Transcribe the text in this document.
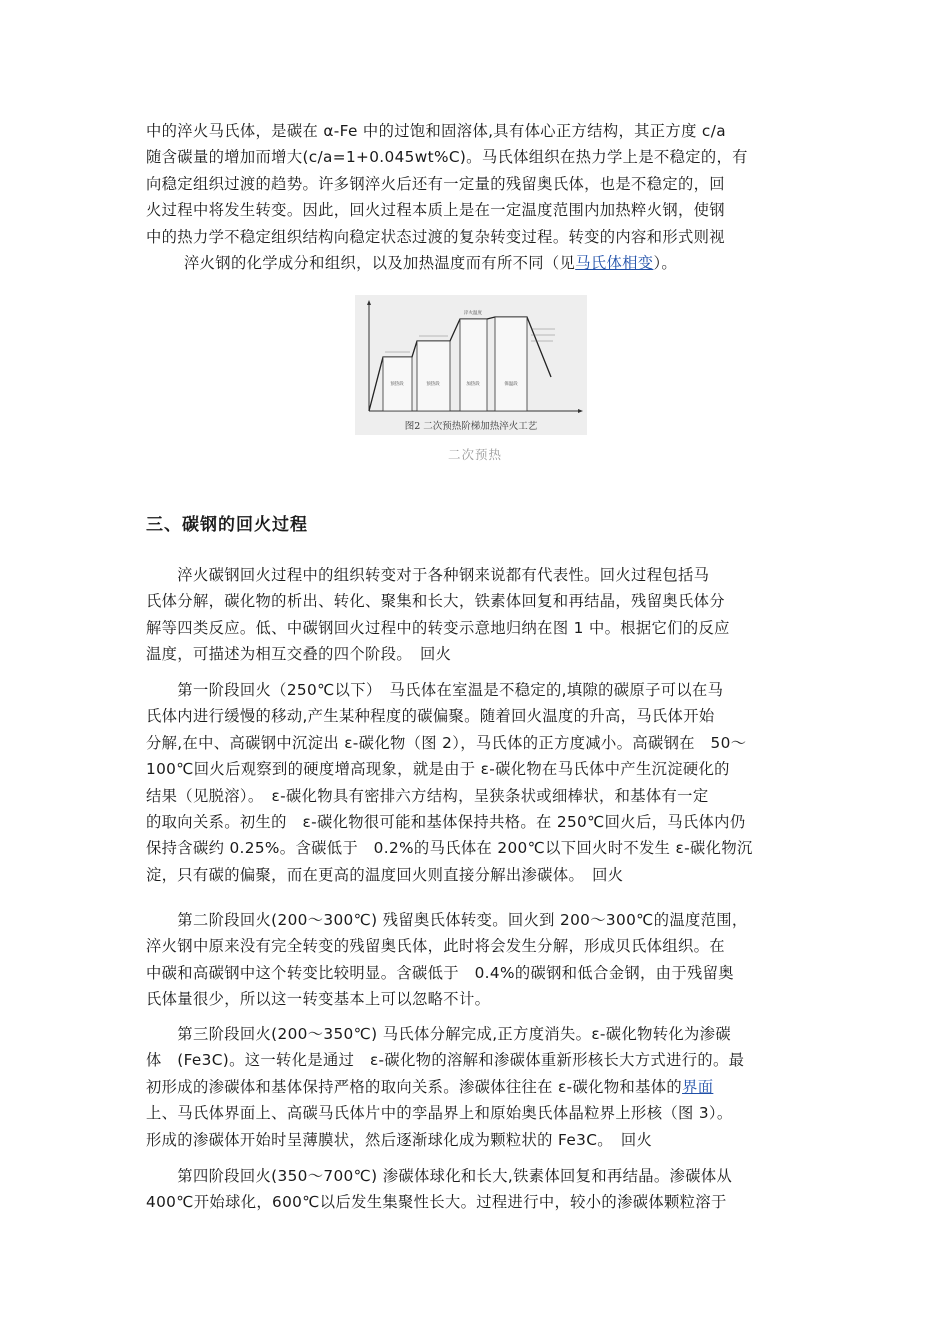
中的淬火马氏体，是碳在 α-Fe 中的过饱和固溶体,具有体心正方结构，其正方度 c/a
随含碳量的增加而增大(c/a=1+0.045wt%C)。马氏体组织在热力学上是不稳定的，有
向稳定组织过渡的趋势。许多钢淬火后还有一定量的残留奥氏体，也是不稳定的，回
火过程中将发生转变。因此，回火过程本质上是在一定温度范围内加热粹火钢，使钢
中的热力学不稳定组织结构向稳定状态过渡的复杂转变过程。转变的内容和形式则视
淬火钢的化学成分和组织，以及加热温度而有所不同（见马氏体相变）。
预热段	预热段	加热段	保温段
淬火温度
图2 二次预热阶梯加热淬火工艺
二次预热
三、碳钢的回火过程
　　淬火碳钢回火过程中的组织转变对于各种钢来说都有代表性。回火过程包括马
氏体分解，碳化物的析出、转化、聚集和长大，铁素体回复和再结晶，残留奥氏体分
解等四类反应。低、中碳钢回火过程中的转变示意地归纳在图 1 中。根据它们的反应
温度，可描述为相互交叠的四个阶段。　回火
　　第一阶段回火（250℃以下）　马氏体在室温是不稳定的,填隙的碳原子可以在马
氏体内进行缓慢的移动,产生某种程度的碳偏聚。随着回火温度的升高，马氏体开始
分解,在中、高碳钢中沉淀出 ε-碳化物（图 2），马氏体的正方度减小。高碳钢在　50～
100℃回火后观察到的硬度增高现象，就是由于 ε-碳化物在马氏体中产生沉淀硬化的
结果（见脱溶）。　ε-碳化物具有密排六方结构，呈狭条状或细棒状，和基体有一定
的取向关系。初生的　ε-碳化物很可能和基体保持共格。在 250℃回火后，马氏体内仍
保持含碳约 0.25%。含碳低于　0.2%的马氏体在 200℃以下回火时不发生 ε-碳化物沉
淀，只有碳的偏聚，而在更高的温度回火则直接分解出渗碳体。　回火
　　第二阶段回火(200～300℃) 残留奥氏体转变。回火到 200～300℃的温度范围，
淬火钢中原来没有完全转变的残留奥氏体，此时将会发生分解，形成贝氏体组织。在
中碳和高碳钢中这个转变比较明显。含碳低于　0.4%的碳钢和低合金钢，由于残留奥
氏体量很少，所以这一转变基本上可以忽略不计。
　　第三阶段回火(200～350℃) 马氏体分解完成,正方度消失。ε-碳化物转化为渗碳
体　(Fe3C)。这一转化是通过　ε-碳化物的溶解和渗碳体重新形核长大方式进行的。最
初形成的渗碳体和基体保持严格的取向关系。渗碳体往往在 ε-碳化物和基体的界面
上、马氏体界面上、高碳马氏体片中的孪晶界上和原始奥氏体晶粒界上形核（图 3）。
形成的渗碳体开始时呈薄膜状，然后逐渐球化成为颗粒状的 Fe3C。　回火
　　第四阶段回火(350～700℃) 渗碳体球化和长大,铁素体回复和再结晶。渗碳体从
400℃开始球化，600℃以后发生集聚性长大。过程进行中，较小的渗碳体颗粒溶于
